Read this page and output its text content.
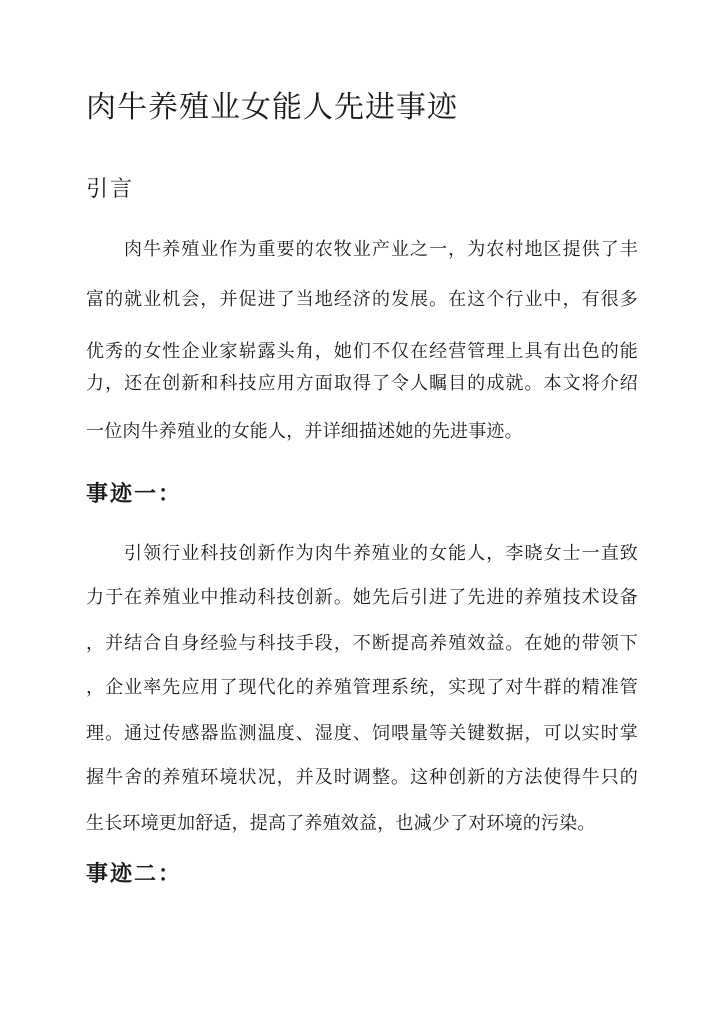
肉牛养殖业女能人先进事迹
引言
肉牛养殖业作为重要的农牧业产业之一，为农村地区提供了丰
富的就业机会，并促进了当地经济的发展。在这个行业中，有很多
优秀的女性企业家崭露头角，她们不仅在经营管理上具有出色的能
力，还在创新和科技应用方面取得了令人瞩目的成就。本文将介绍
一位肉牛养殖业的女能人，并详细描述她的先进事迹。
事迹一：
引领行业科技创新作为肉牛养殖业的女能人，李晓女士一直致
力于在养殖业中推动科技创新。她先后引进了先进的养殖技术设备
，并结合自身经验与科技手段，不断提高养殖效益。在她的带领下
，企业率先应用了现代化的养殖管理系统，实现了对牛群的精准管
理。通过传感器监测温度、湿度、饲喂量等关键数据，可以实时掌
握牛舍的养殖环境状况，并及时调整。这种创新的方法使得牛只的
生长环境更加舒适，提高了养殖效益，也减少了对环境的污染。
事迹二：
